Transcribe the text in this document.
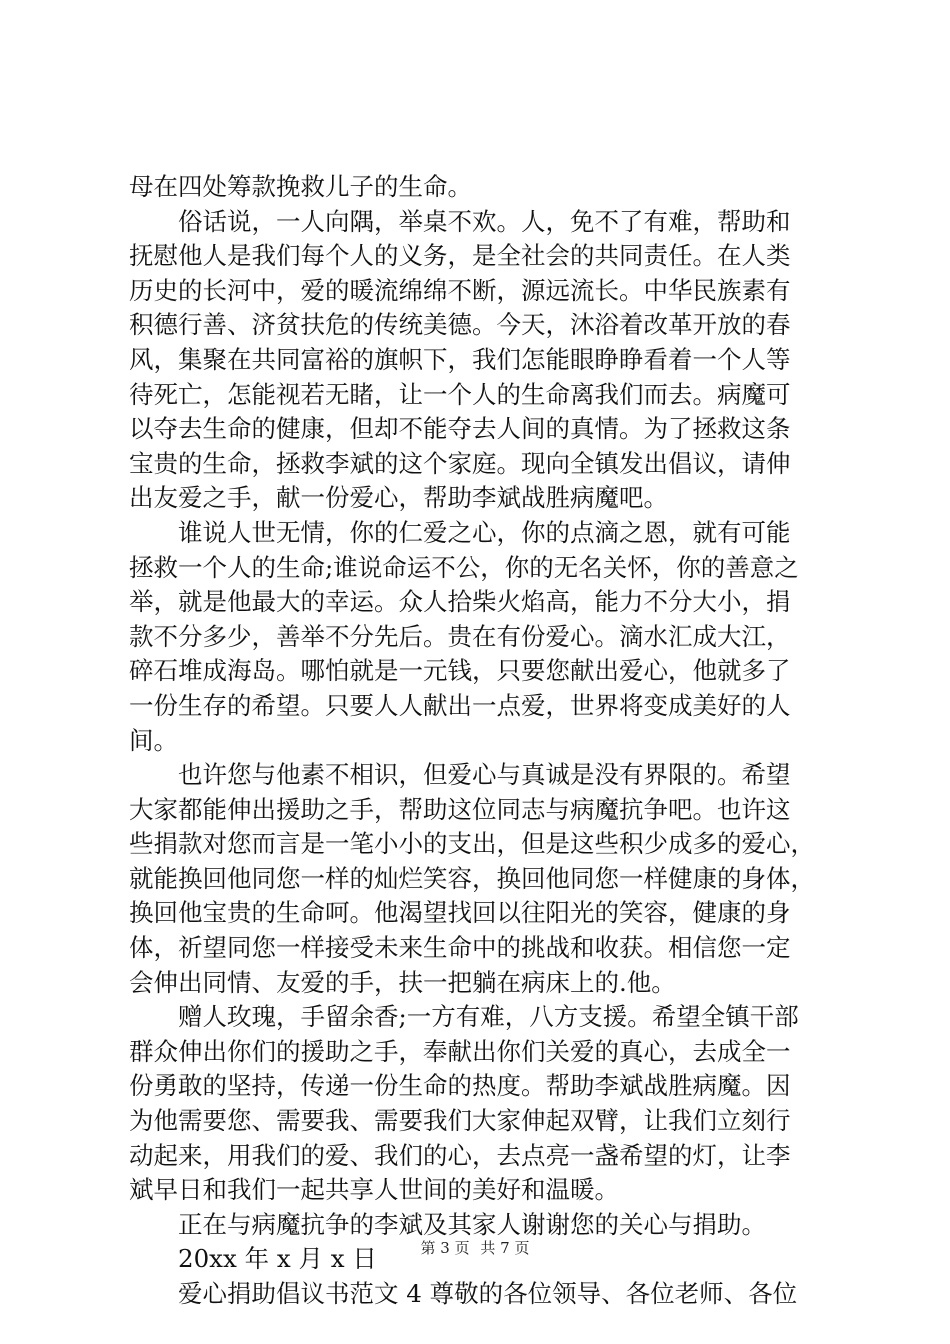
母在四处筹款挽救儿子的生命。
俗话说，一人向隅，举桌不欢。人，免不了有难，帮助和
抚慰他人是我们每个人的义务，是全社会的共同责任。在人类
历史的长河中，爱的暖流绵绵不断，源远流长。中华民族素有
积德行善、济贫扶危的传统美德。今天，沐浴着改革开放的春
风，集聚在共同富裕的旗帜下，我们怎能眼睁睁看着一个人等
待死亡，怎能视若无睹，让一个人的生命离我们而去。病魔可
以夺去生命的健康，但却不能夺去人间的真情。为了拯救这条
宝贵的生命，拯救李斌的这个家庭。现向全镇发出倡议，请伸
出友爱之手，献一份爱心，帮助李斌战胜病魔吧。
谁说人世无情，你的仁爱之心，你的点滴之恩，就有可能
拯救一个人的生命;谁说命运不公，你的无名关怀，你的善意之
举，就是他最大的幸运。众人拾柴火焰高，能力不分大小，捐
款不分多少，善举不分先后。贵在有份爱心。滴水汇成大江，
碎石堆成海岛。哪怕就是一元钱，只要您献出爱心，他就多了
一份生存的希望。只要人人献出一点爱，世界将变成美好的人
间。
也许您与他素不相识，但爱心与真诚是没有界限的。希望
大家都能伸出援助之手，帮助这位同志与病魔抗争吧。也许这
些捐款对您而言是一笔小小的支出，但是这些积少成多的爱心，
就能换回他同您一样的灿烂笑容，换回他同您一样健康的身体，
换回他宝贵的生命呵。他渴望找回以往阳光的笑容，健康的身
体，祈望同您一样接受未来生命中的挑战和收获。相信您一定
会伸出同情、友爱的手，扶一把躺在病床上的.他。
赠人玫瑰，手留余香;一方有难，八方支援。希望全镇干部
群众伸出你们的援助之手，奉献出你们关爱的真心，去成全一
份勇敢的坚持，传递一份生命的热度。帮助李斌战胜病魔。因
为他需要您、需要我、需要我们大家伸起双臂，让我们立刻行
动起来，用我们的爱、我们的心，去点亮一盏希望的灯，让李
斌早日和我们一起共享人世间的美好和温暖。
正在与病魔抗争的李斌及其家人谢谢您的关心与捐助。
20xx 年 x 月 x 日
爱心捐助倡议书范文 4 尊敬的各位领导、各位老师、各位
第 3 页 共 7 页
